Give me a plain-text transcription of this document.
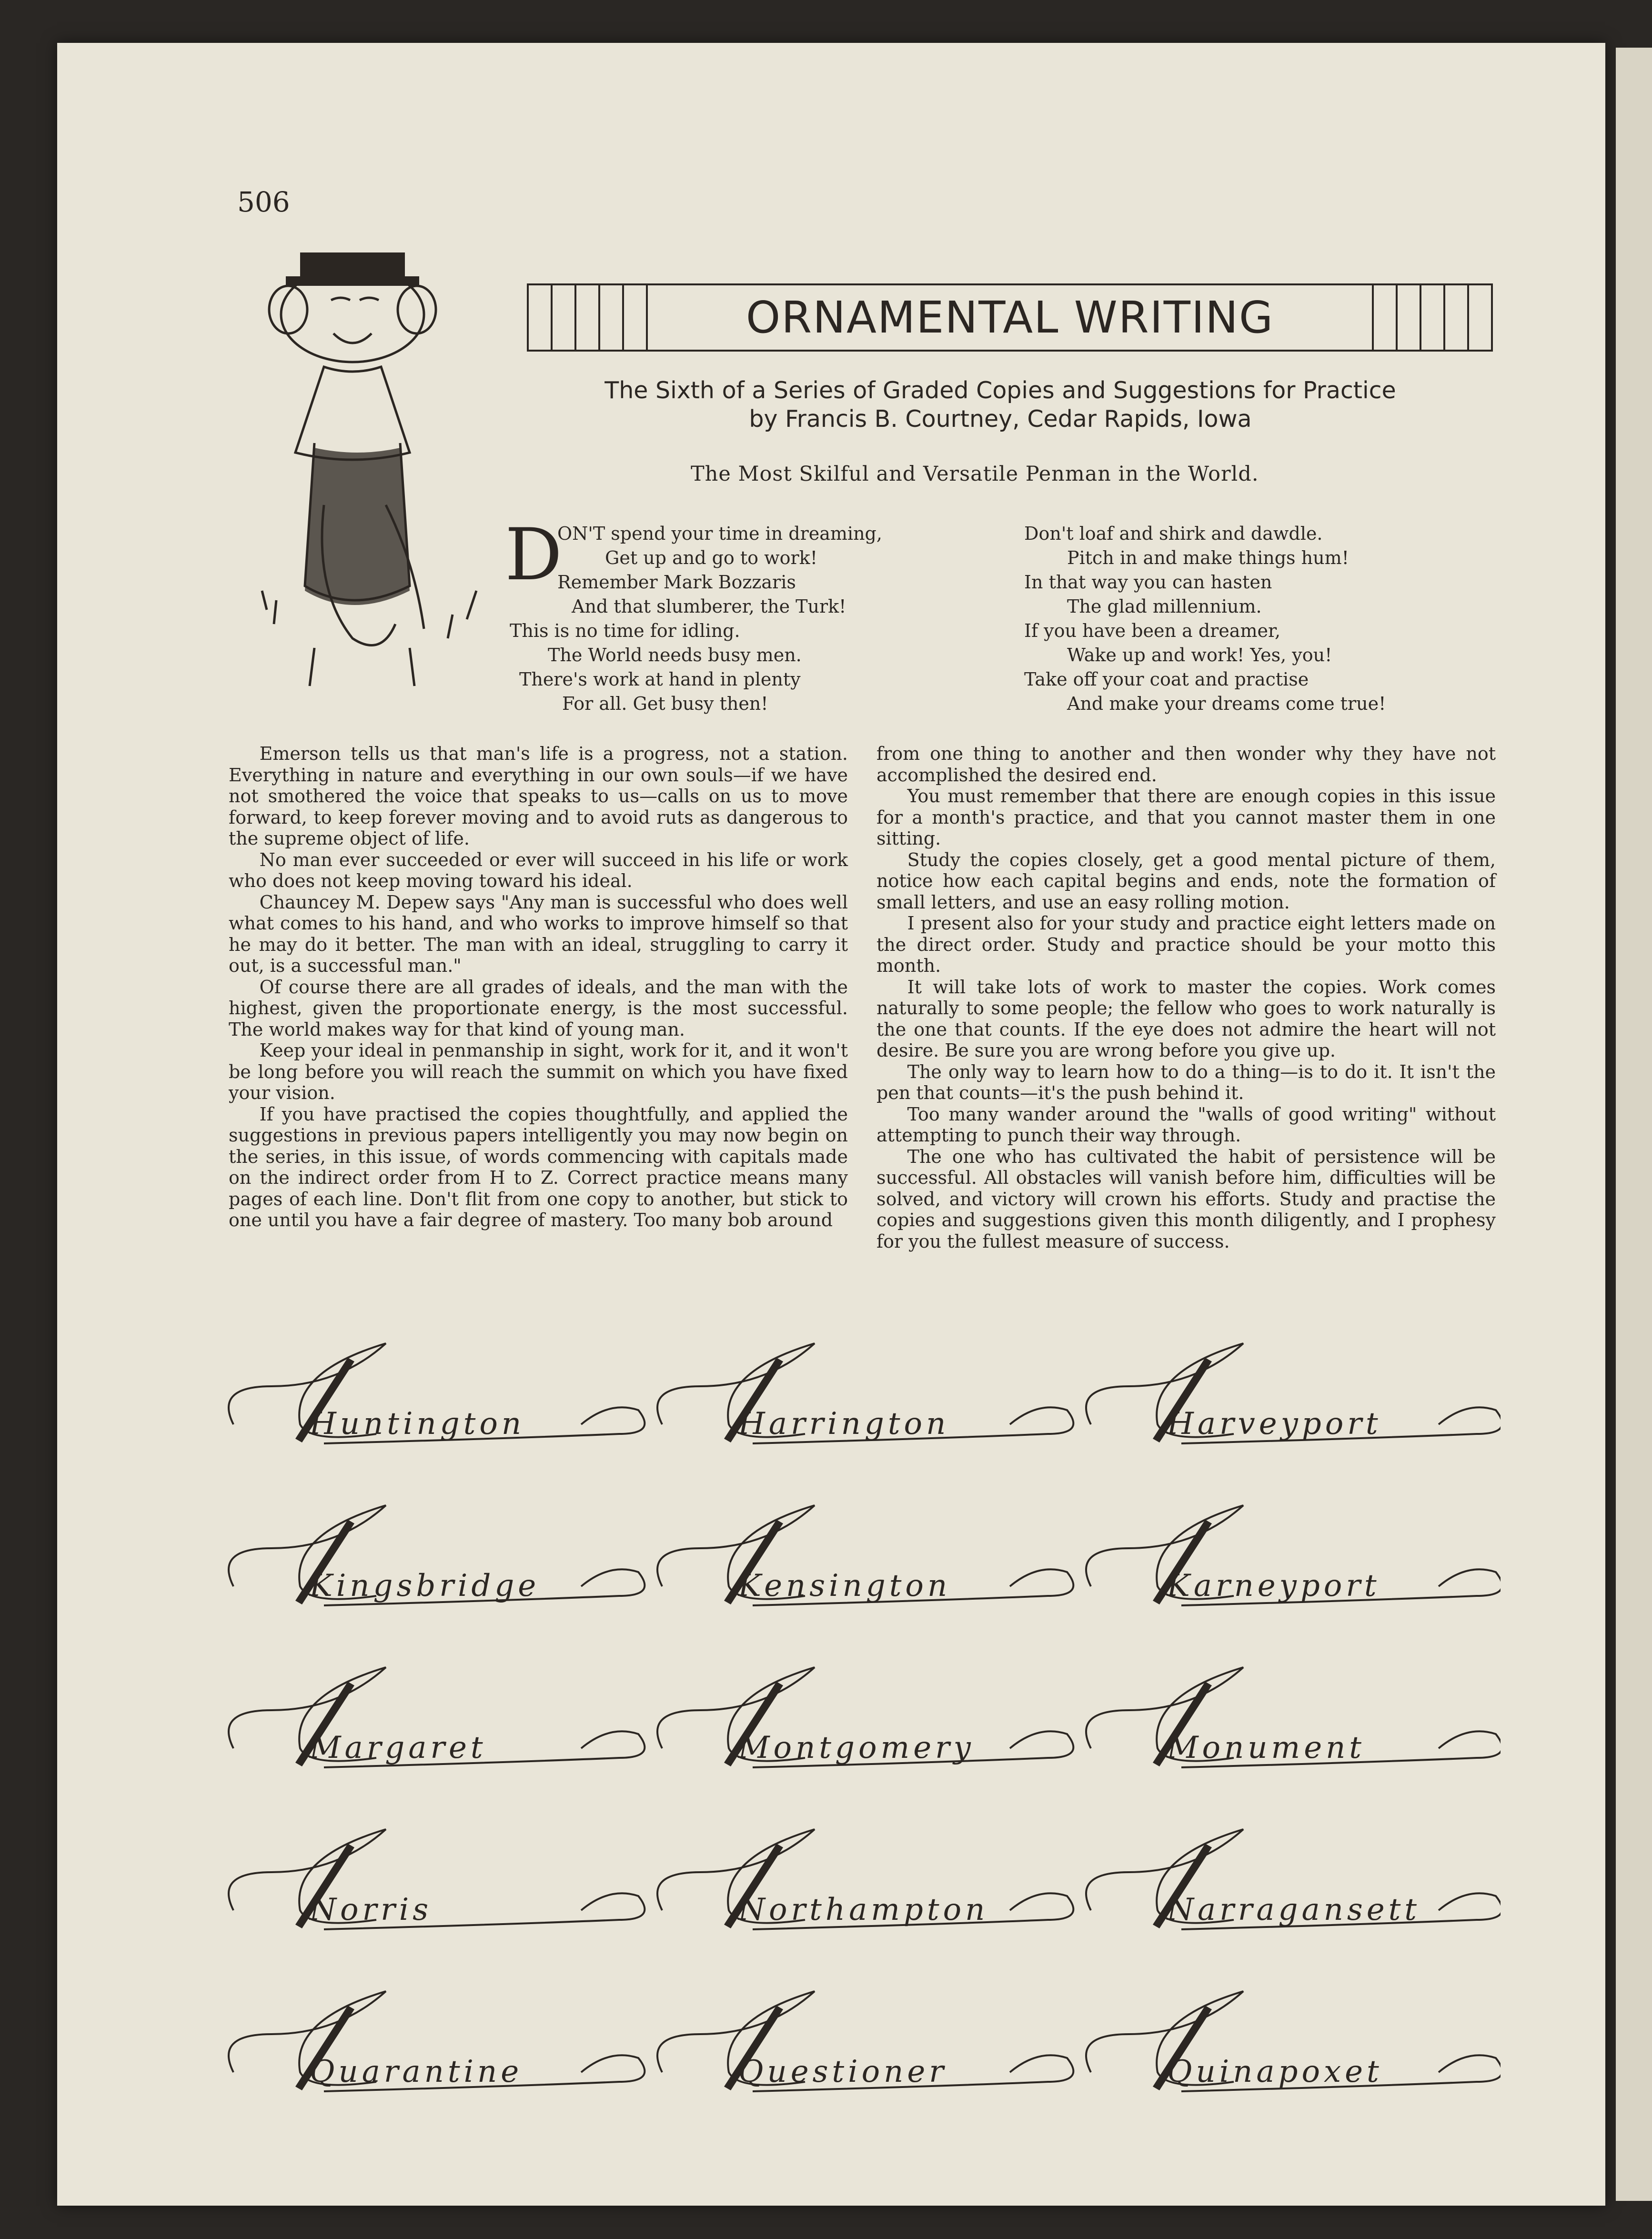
506
ORNAMENTAL WRITING
The Sixth of a Series of Graded Copies and Suggestions for Practice
by Francis B. Courtney, Cedar Rapids, Iowa
The Most Skilful and Versatile Penman in the World.
D
ON'T spend your time in dreaming,
Get up and go to work!
Remember Mark Bozzaris
And that slumberer, the Turk!
This is no time for idling.
The World needs busy men.
There's work at hand in plenty
For all. Get busy then!
Don't loaf and shirk and dawdle.
Pitch in and make things hum!
In that way you can hasten
The glad millennium.
If you have been a dreamer,
Wake up and work! Yes, you!
Take off your coat and practise
And make your dreams come true!

Emerson tells us that man's life is a progress, not a station. Everything in nature and everything in our own souls—if we have not smothered the voice that speaks to us—calls on us to move forward, to keep forever moving and to avoid ruts as dangerous to the supreme object of life.

No man ever succeeded or ever will succeed in his life or work who does not keep moving toward his ideal.

Chauncey M. Depew says "Any man is successful who does well what comes to his hand, and who works to improve himself so that he may do it better. The man with an ideal, struggling to carry it out, is a successful man."

Of course there are all grades of ideals, and the man with the highest, given the proportionate energy, is the most successful. The world makes way for that kind of young man.

Keep your ideal in penmanship in sight, work for it, and it won't be long before you will reach the summit on which you have fixed your vision.

If you have practised the copies thoughtfully, and applied the suggestions in previous papers intelligently you may now begin on the series, in this issue, of words commencing with capitals made on the indirect order from H to Z. Correct practice means many pages of each line. Don't flit from one copy to another, but stick to one until you have a fair degree of mastery. Too many bob around

from one thing to another and then wonder why they have not accomplished the desired end.

You must remember that there are enough copies in this issue for a month's practice, and that you cannot master them in one sitting.

Study the copies closely, get a good mental picture of them, notice how each capital begins and ends, note the formation of small letters, and use an easy rolling motion.

I present also for your study and practice eight letters made on the direct order. Study and practice should be your motto this month.

It will take lots of work to master the copies. Work comes naturally to some people; the fellow who goes to work naturally is the one that counts. If the eye does not admire the heart will not desire. Be sure you are wrong before you give up.

The only way to learn how to do a thing—is to do it. It isn't the pen that counts—it's the push behind it.

Too many wander around the "walls of good writing" without attempting to punch their way through.

The one who has cultivated the habit of persistence will be successful. All obstacles will vanish before him, difficulties will be solved, and victory will crown his efforts. Study and practise the copies and suggestions given this month diligently, and I prophesy for you the fullest measure of success.

Huntington	Harrington	Harveyport
Kingsbridge	Kensington	Karneyport
Margaret	Montgomery	Monument
Norris	Northampton	Narragansett
Quarantine	Questioner	Quinapoxet
